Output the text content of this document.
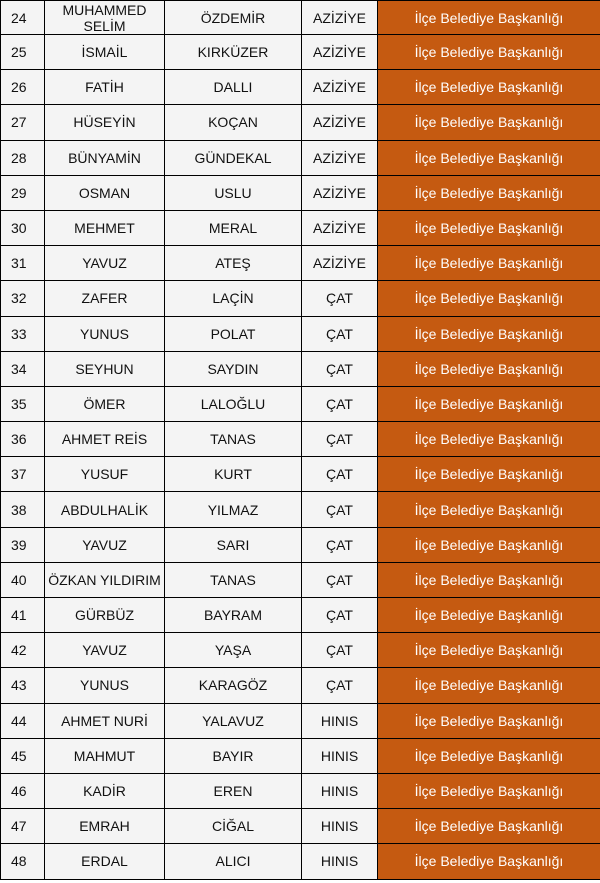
24	MUHAMMED SELİM	ÖZDEMİR	AZİZİYE	İlçe Belediye Başkanlığı
25	İSMAİL	KIRKÜZER	AZİZİYE	İlçe Belediye Başkanlığı
26	FATİH	DALLI	AZİZİYE	İlçe Belediye Başkanlığı
27	HÜSEYİN	KOÇAN	AZİZİYE	İlçe Belediye Başkanlığı
28	BÜNYAMİN	GÜNDEKAL	AZİZİYE	İlçe Belediye Başkanlığı
29	OSMAN	USLU	AZİZİYE	İlçe Belediye Başkanlığı
30	MEHMET	MERAL	AZİZİYE	İlçe Belediye Başkanlığı
31	YAVUZ	ATEŞ	AZİZİYE	İlçe Belediye Başkanlığı
32	ZAFER	LAÇİN	ÇAT	İlçe Belediye Başkanlığı
33	YUNUS	POLAT	ÇAT	İlçe Belediye Başkanlığı
34	SEYHUN	SAYDIN	ÇAT	İlçe Belediye Başkanlığı
35	ÖMER	LALOĞLU	ÇAT	İlçe Belediye Başkanlığı
36	AHMET REİS	TANAS	ÇAT	İlçe Belediye Başkanlığı
37	YUSUF	KURT	ÇAT	İlçe Belediye Başkanlığı
38	ABDULHALİK	YILMAZ	ÇAT	İlçe Belediye Başkanlığı
39	YAVUZ	SARI	ÇAT	İlçe Belediye Başkanlığı
40	ÖZKAN YILDIRIM	TANAS	ÇAT	İlçe Belediye Başkanlığı
41	GÜRBÜZ	BAYRAM	ÇAT	İlçe Belediye Başkanlığı
42	YAVUZ	YAŞA	ÇAT	İlçe Belediye Başkanlığı
43	YUNUS	KARAGÖZ	ÇAT	İlçe Belediye Başkanlığı
44	AHMET NURİ	YALAVUZ	HINIS	İlçe Belediye Başkanlığı
45	MAHMUT	BAYIR	HINIS	İlçe Belediye Başkanlığı
46	KADİR	EREN	HINIS	İlçe Belediye Başkanlığı
47	EMRAH	CİĞAL	HINIS	İlçe Belediye Başkanlığı
48	ERDAL	ALICI	HINIS	İlçe Belediye Başkanlığı
